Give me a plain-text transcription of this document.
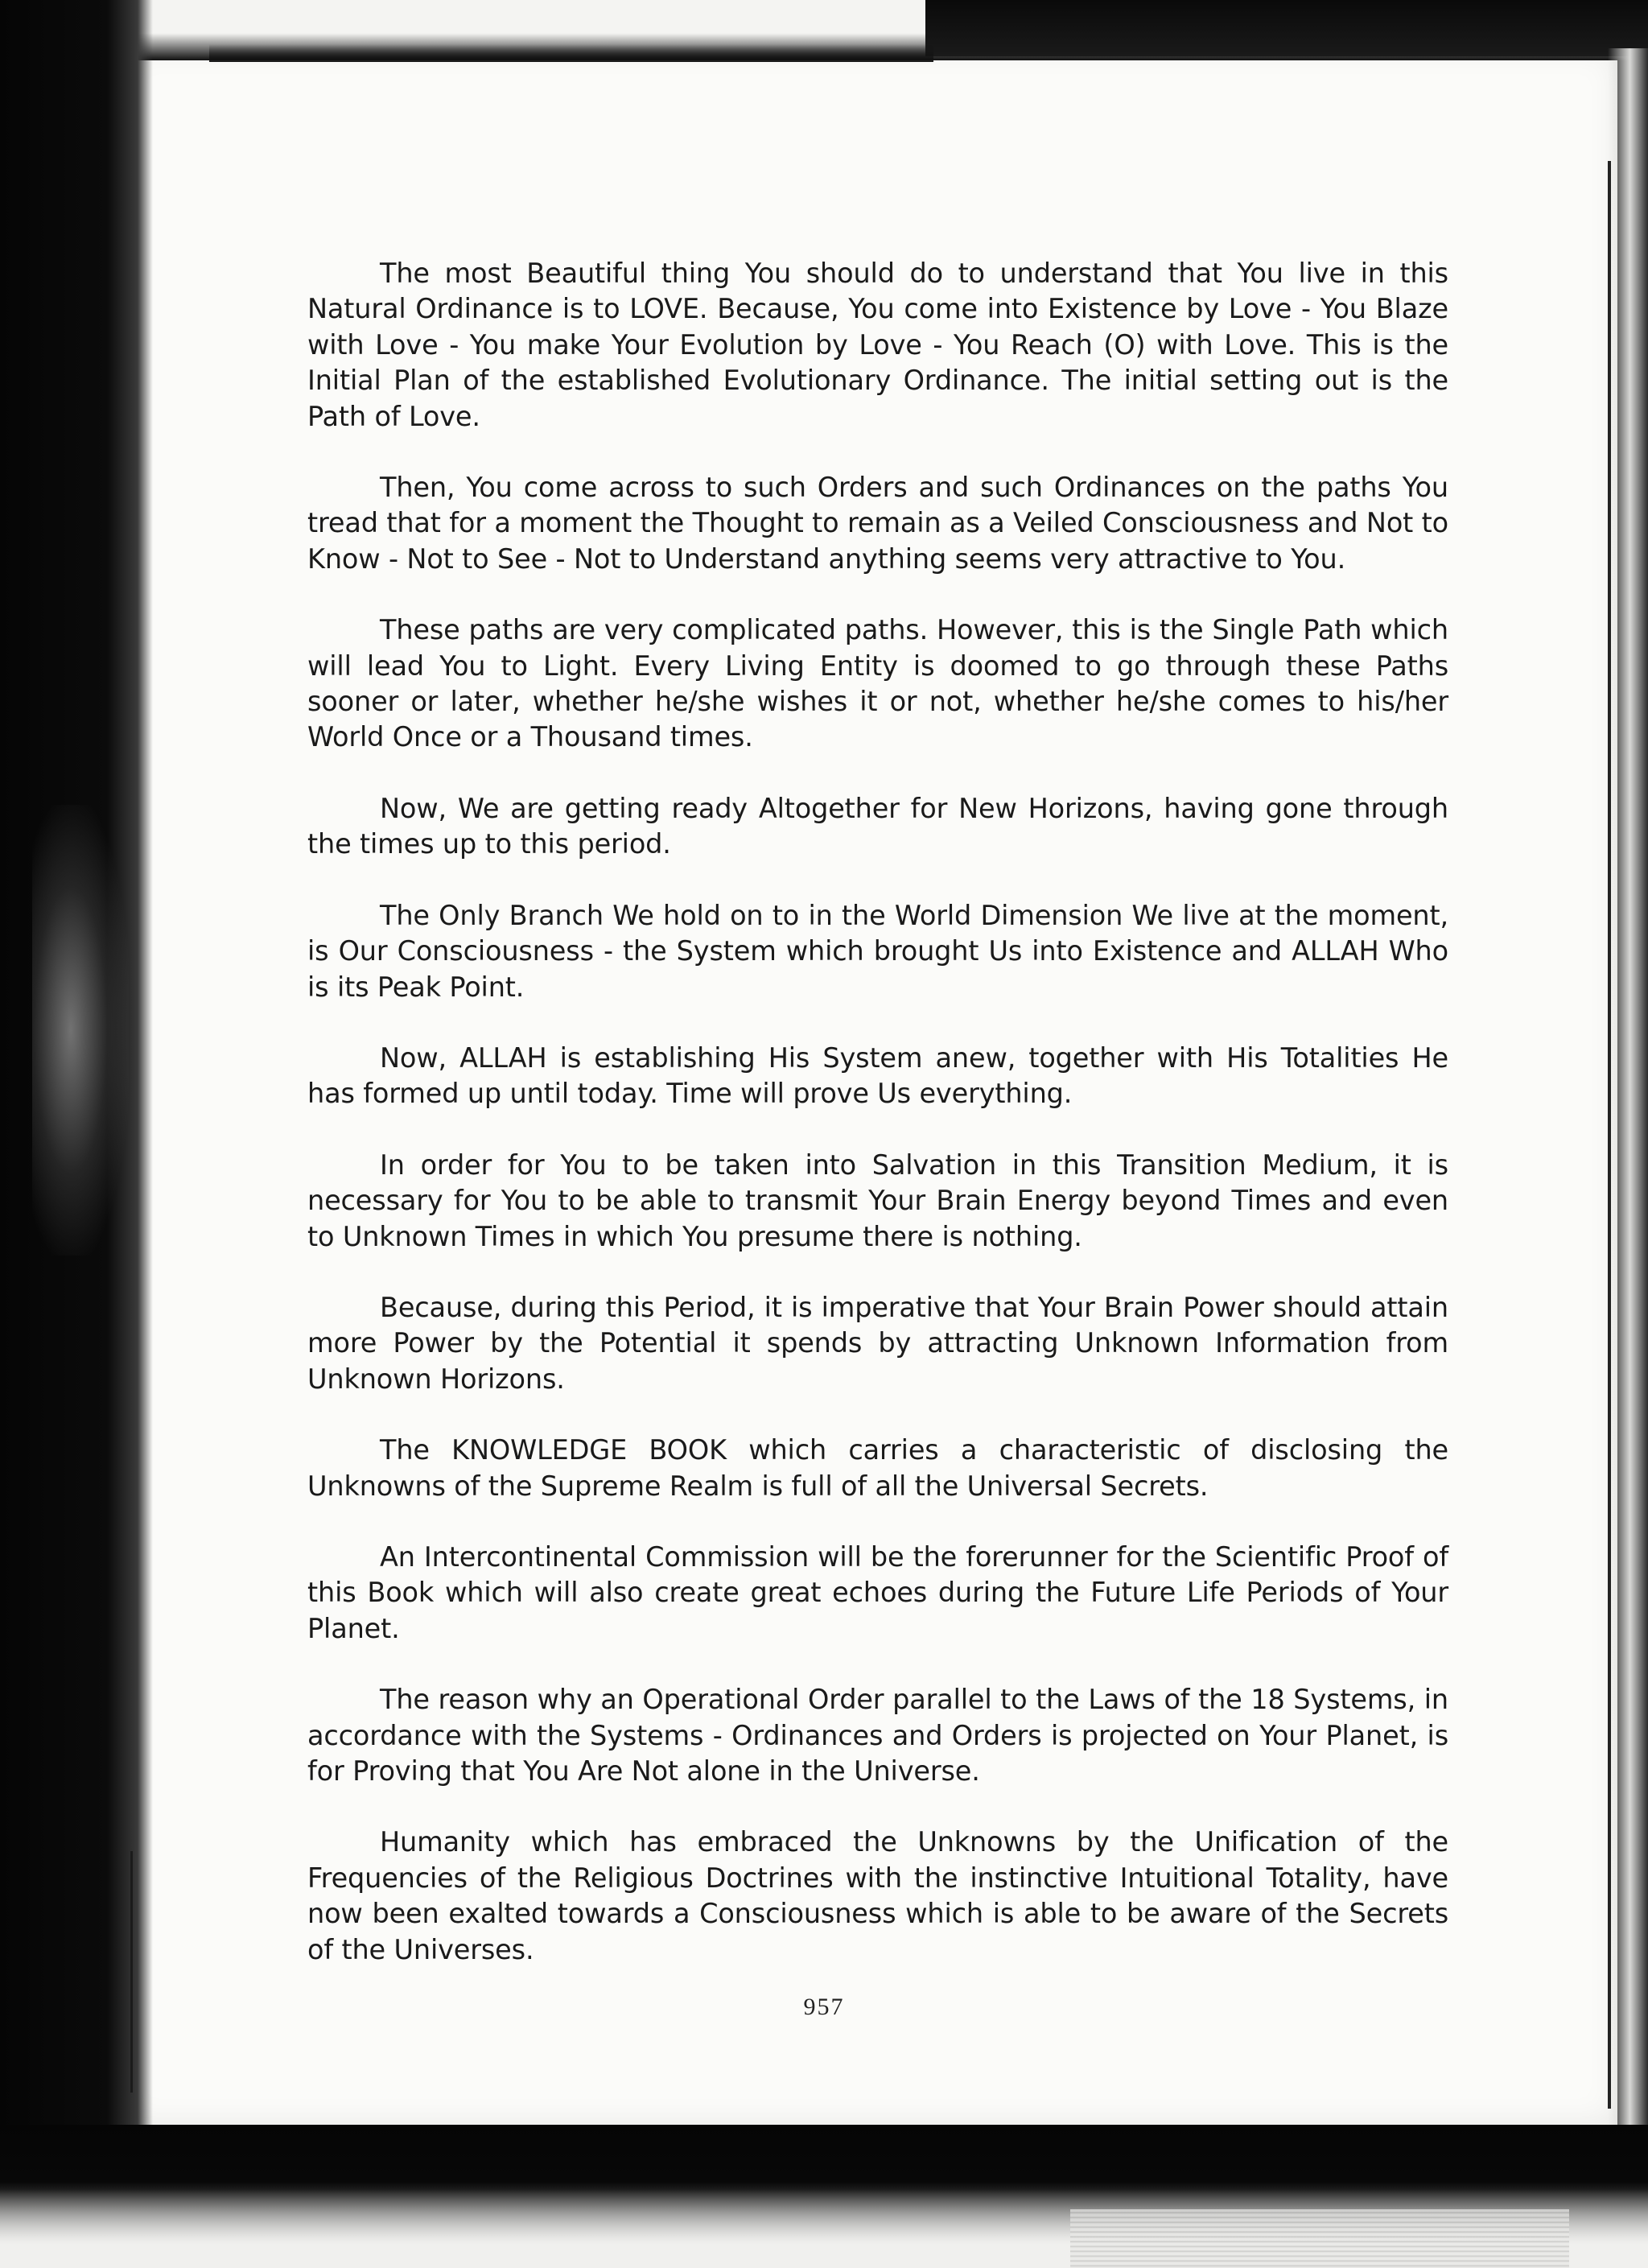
The most Beautiful thing You should do to understand that You live in this Natural Ordinance is to LOVE. Because, You come into Existence by Love - You Blaze with Love - You make Your Evolution by Love - You Reach (O) with Love. This is the Initial Plan of the established Evolutionary Ordinance. The initial setting out is the Path of Love.

Then, You come across to such Orders and such Ordinances on the paths You tread that for a moment the Thought to remain as a Veiled Consciousness and Not to Know - Not to See - Not to Understand anything seems very attractive to You.

These paths are very complicated paths. However, this is the Single Path which will lead You to Light. Every Living Entity is doomed to go through these Paths sooner or later, whether he/she wishes it or not, whether he/she comes to his/her World Once or a Thousand times.

Now, We are getting ready Altogether for New Horizons, having gone through the times up to this period.

The Only Branch We hold on to in the World Dimension We live at the moment, is Our Consciousness - the System which brought Us into Existence and ALLAH Who is its Peak Point.

Now, ALLAH is establishing His System anew, together with His Totalities He has formed up until today. Time will prove Us everything.

In order for You to be taken into Salvation in this Transition Medium, it is necessary for You to be able to transmit Your Brain Energy beyond Times and even to Unknown Times in which You presume there is nothing.

Because, during this Period, it is imperative that Your Brain Power should attain more Power by the Potential it spends by attracting Unknown Information from Unknown Horizons.

The KNOWLEDGE BOOK which carries a characteristic of disclosing the Unknowns of the Supreme Realm is full of all the Universal Secrets.

An Intercontinental Commission will be the forerunner for the Scientific Proof of this Book which will also create great echoes during the Future Life Periods of Your Planet.

The reason why an Operational Order parallel to the Laws of the 18 Systems, in accordance with the Systems - Ordinances and Orders is projected on Your Planet, is for Proving that You Are Not alone in the Universe.

Humanity which has embraced the Unknowns by the Unification of the Frequencies of the Religious Doctrines with the instinctive Intuitional Totality, have now been exalted towards a Consciousness which is able to be aware of the Secrets of the Universes.

957
